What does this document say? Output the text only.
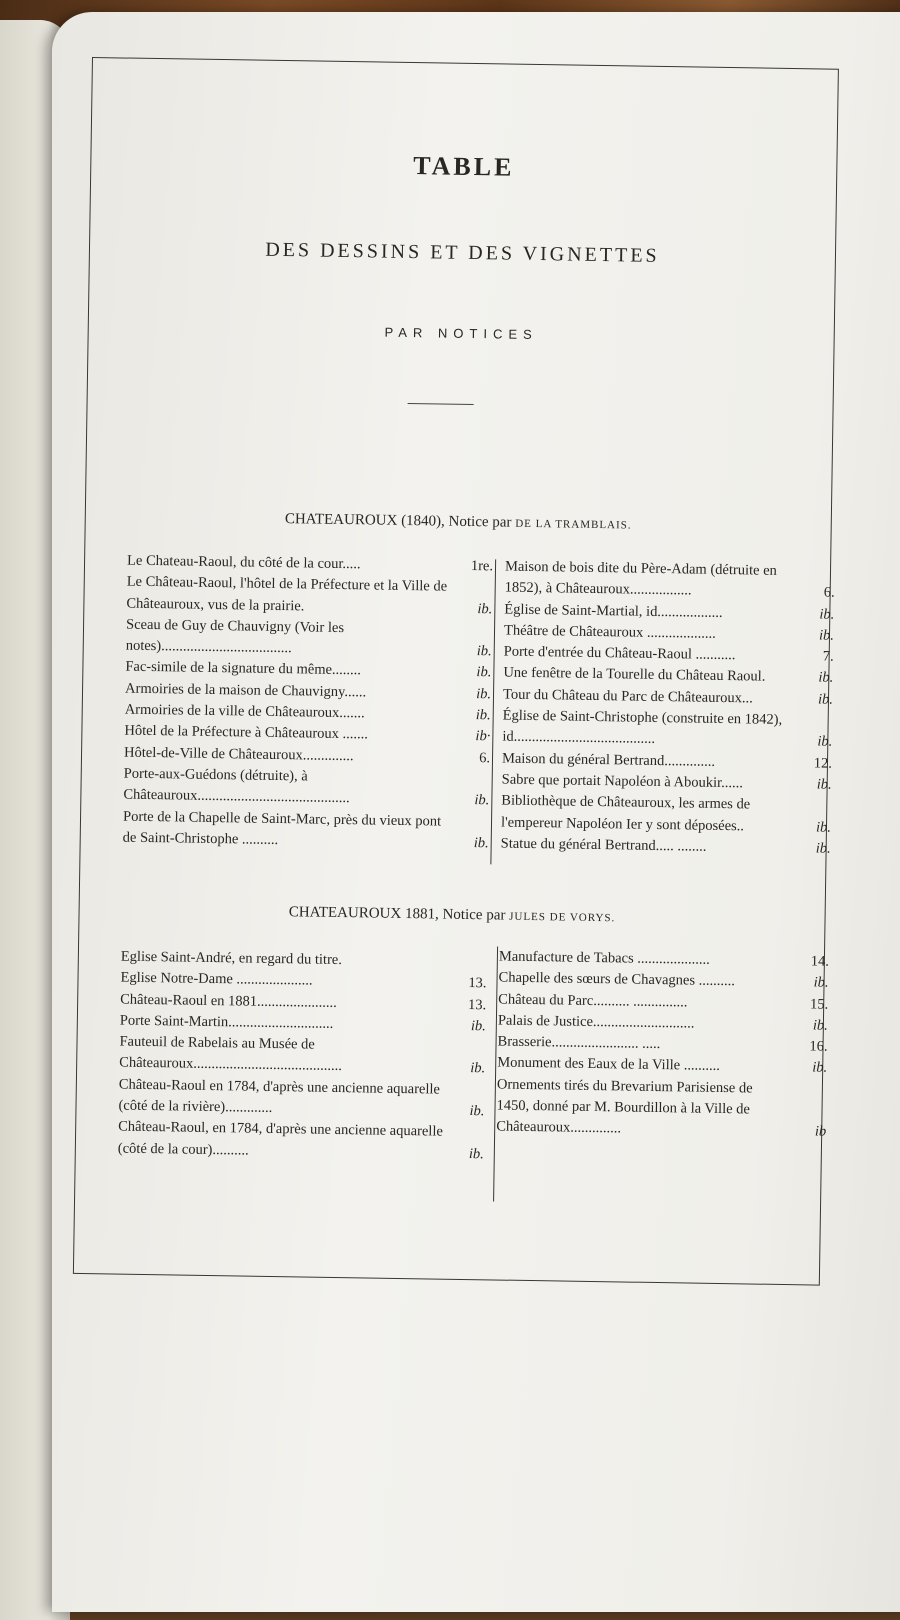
TABLE
DES DESSINS ET DES VIGNETTES
PAR NOTICES
CHATEAUROUX (1840), Notice par DE LA TRAMBLAIS.
Le Chateau-Raoul, du côté de la cour.....	1re.
Le Château-Raoul, l'hôtel de la Préfecture et la Ville de Châteauroux, vus de la prairie.	ib.
Sceau de Guy de Chauvigny (Voir les notes)....................................	ib.
Fac-simile de la signature du même........	ib.
Armoiries de la maison de Chauvigny......	ib.
Armoiries de la ville de Châteauroux.......	ib.
Hôtel de la Préfecture à Châteauroux .......	ib·
Hôtel-de-Ville de Châteauroux..............	6.
Porte-aux-Guédons (détruite), à Châteauroux..........................................	ib.
Porte de la Chapelle de Saint-Marc, près du vieux pont de Saint-Christophe ..........	ib.
Maison de bois dite du Père-Adam (détruite en 1852), à Châteauroux.................	6.
Église de Saint-Martial, id..................	ib.
Théâtre de Châteauroux ...................	ib.
Porte d'entrée du Château-Raoul ...........	7.
Une fenêtre de la Tourelle du Château Raoul.	ib.
Tour du Château du Parc de Châteauroux...	ib.
Église de Saint-Christophe (construite en 1842), id.......................................	ib.
Maison du général Bertrand..............	12.
Sabre que portait Napoléon à Aboukir......	ib.
Bibliothèque de Châteauroux, les armes de l'empereur Napoléon Ier y sont déposées..	ib.
Statue du général Bertrand..... ........	ib.
CHATEAUROUX 1881, Notice par JULES DE VORYS.
Eglise Saint-André, en regard du titre.
Eglise Notre-Dame .....................	13.
Château-Raoul en 1881......................	13.
Porte Saint-Martin.............................	ib.
Fauteuil de Rabelais au Musée de Châteauroux.........................................	ib.
Château-Raoul en 1784, d'après une ancienne aquarelle (côté de la rivière).............	ib.
Château-Raoul, en 1784, d'après une ancienne aquarelle (côté de la cour)..........	ib.
Manufacture de Tabacs ....................	14.
Chapelle des sœurs de Chavagnes ..........	ib.
Château du Parc.......... ...............	15.
Palais de Justice............................	ib.
Brasserie........................ .....	16.
Monument des Eaux de la Ville ..........	ib.
Ornements tirés du Brevarium Parisiense de 1450, donné par M. Bourdillon à la Ville de Châteauroux..............	ib
